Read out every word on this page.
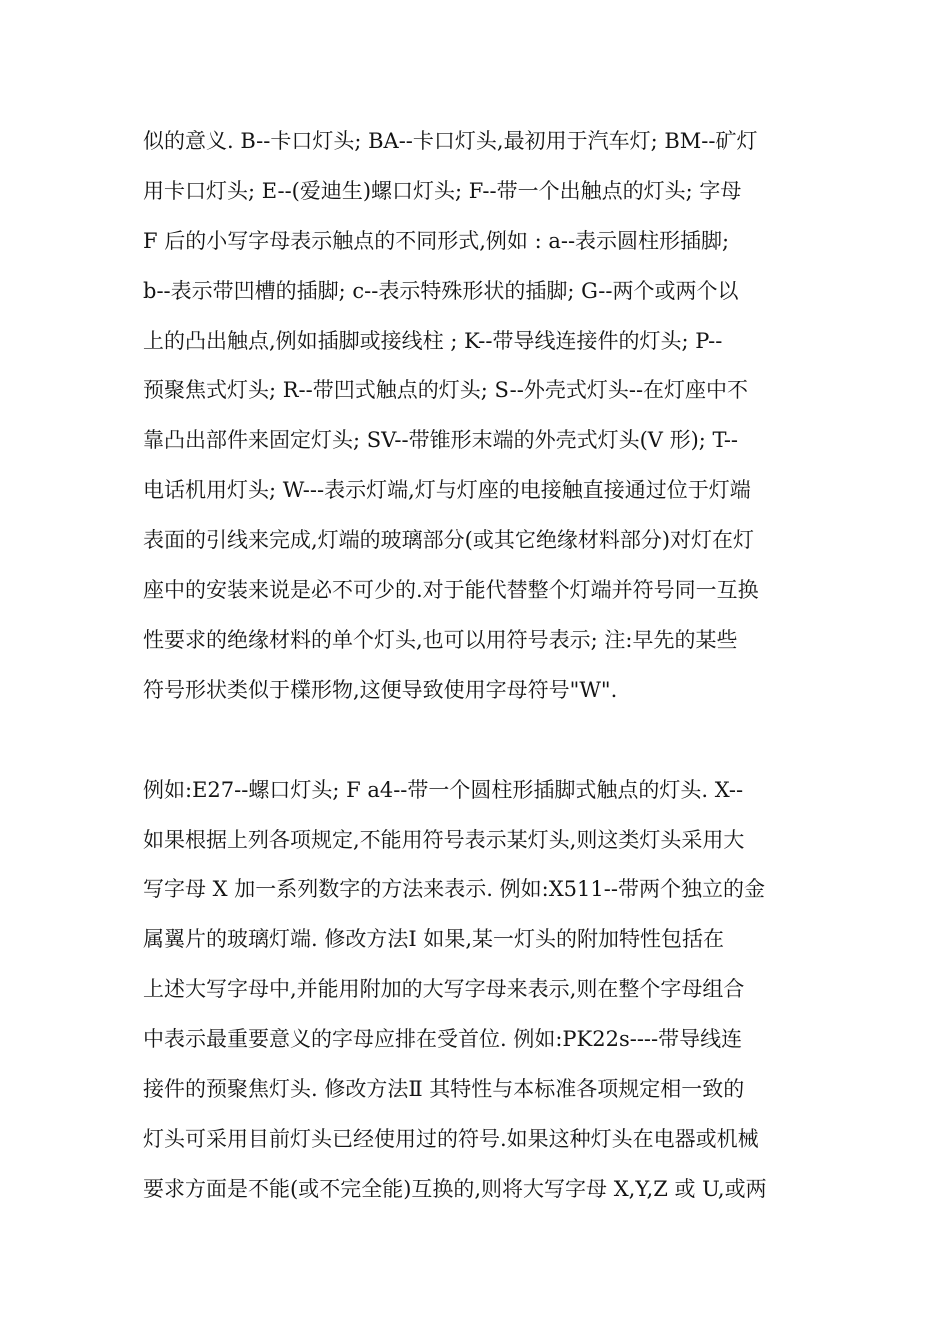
似的意义. B--卡口灯头; BA--卡口灯头,最初用于汽车灯; BM--矿灯
用卡口灯头; E--(爱迪生)螺口灯头; F--带一个出触点的灯头; 字母
F 后的小写字母表示触点的不同形式,例如 : a--表示圆柱形插脚;
b--表示带凹槽的插脚; c--表示特殊形状的插脚; G--两个或两个以
上的凸出触点,例如插脚或接线柱 ; K--带导线连接件的灯头; P--
预聚焦式灯头; R--带凹式触点的灯头; S--外壳式灯头--在灯座中不
靠凸出部件来固定灯头; SV--带锥形末端的外壳式灯头(V 形); T--
电话机用灯头; W---表示灯端,灯与灯座的电接触直接通过位于灯端
表面的引线来完成,灯端的玻璃部分(或其它绝缘材料部分)对灯在灯
座中的安装来说是必不可少的.对于能代替整个灯端并符号同一互换
性要求的绝缘材料的单个灯头,也可以用符号表示; 注:早先的某些
符号形状类似于檏形物,这便导致使用字母符号"W".
例如:E27--螺口灯头; F a4--带一个圆柱形插脚式触点的灯头. X--
如果根据上列各项规定,不能用符号表示某灯头,则这类灯头采用大
写字母 X 加一系列数字的方法来表示. 例如:X511--带两个独立的金
属翼片的玻璃灯端. 修改方法Ⅰ 如果,某一灯头的附加特性包括在
上述大写字母中,并能用附加的大写字母来表示,则在整个字母组合
中表示最重要意义的字母应排在受首位. 例如:PK22s----带导线连
接件的预聚焦灯头. 修改方法Ⅱ 其特性与本标准各项规定相一致的
灯头可采用目前灯头已经使用过的符号.如果这种灯头在电器或机械
要求方面是不能(或不完全能)互换的,则将大写字母 X,Y,Z 或 U,或两
